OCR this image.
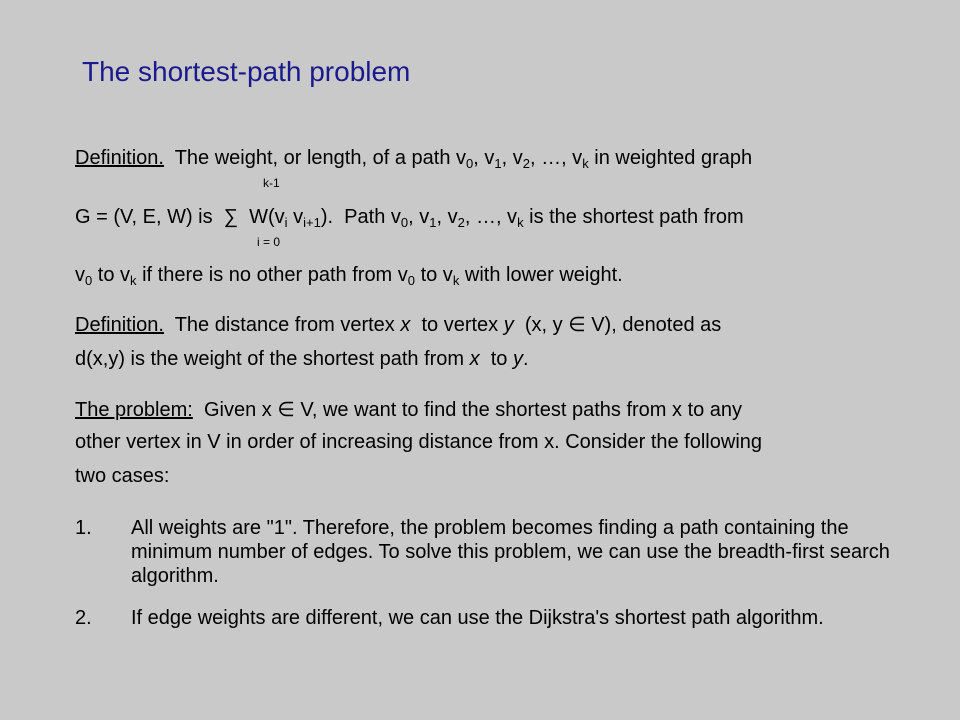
The shortest-path problem
Definition. The weight, or length, of a path $v_0$, $v_1$, $v_2$, …, $v_k$ in weighted graph
k-1
G = (V, E, W) is  ∑  $W(v_i$ $v_{i+1}$).  Path $v_0$, $v_1$, $v_2$, …, $v_k$ is the shortest path from
i = 0
$v_0$ to $v_k$ if there is no other path from $v_0$ to $v_k$ with lower weight.
Definition. The distance from vertex x to vertex y (x, y ∈ V), denoted as
d(x,y) is the weight of the shortest path from x to y.
The problem: Given x ∈ V, we want to find the shortest paths from x to any
other vertex in V in order of increasing distance from x. Consider the following
two cases:
1. All weights are "1". Therefore, the problem becomes finding a path containing the minimum number of edges. To solve this problem, we can use the breadth-first search algorithm.
2. If edge weights are different, we can use the Dijkstra's shortest path algorithm.
